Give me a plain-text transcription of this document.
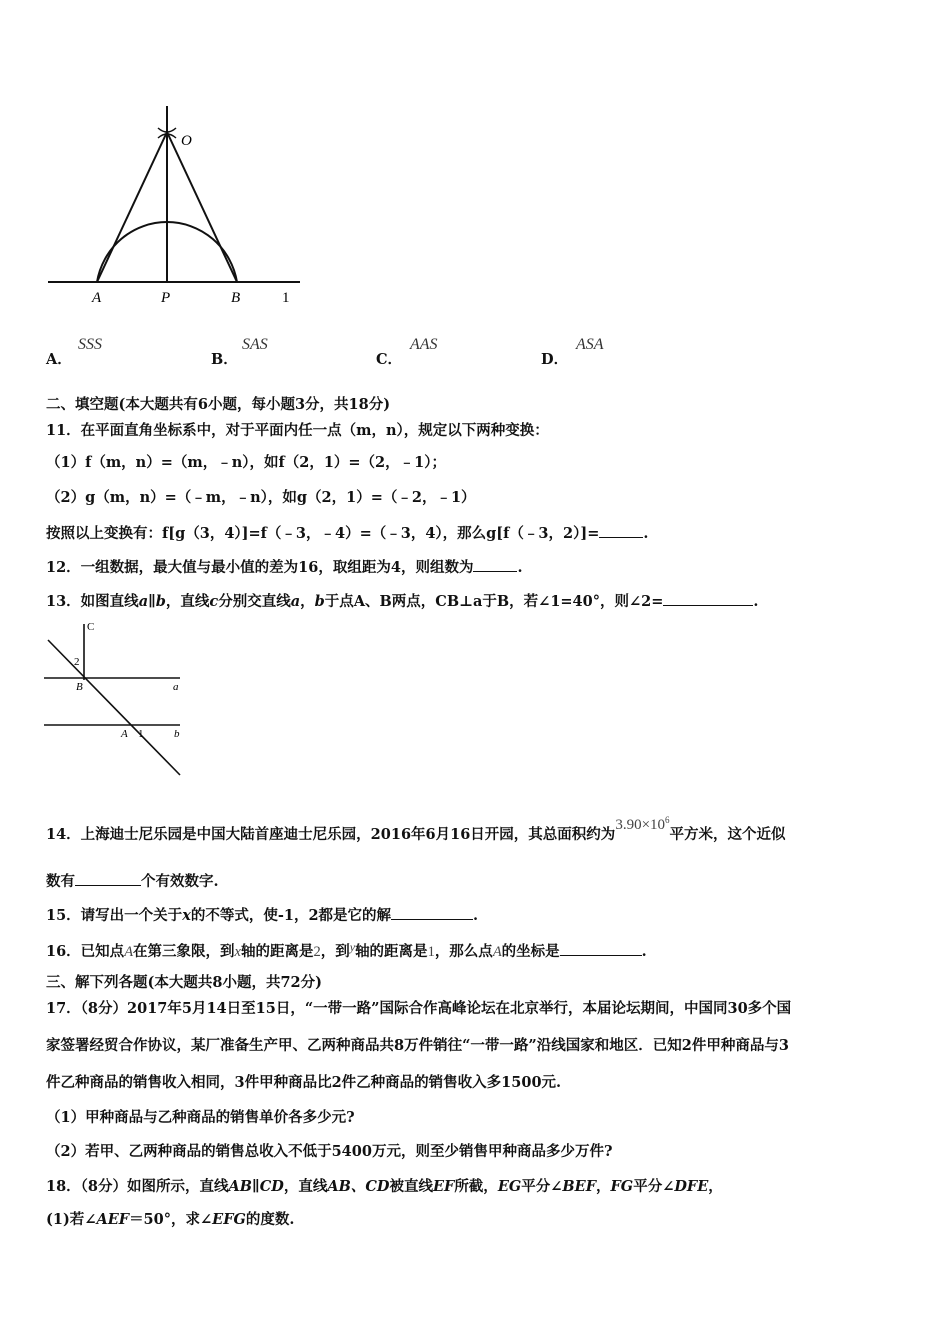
O
A	P	B	1
A．
SSS
B．
SAS
C．
AAS
D．
ASA
二、填空题(本大题共有6小题，每小题3分，共18分)
11．在平面直角坐标系中，对于平面内任一点（m，n），规定以下两种变换：
（1）f（m，n）=（m，﹣n），如f（2，1）=（2，﹣1）；
（2）g（m，n）=（﹣m，﹣n），如g（2，1）=（﹣2，﹣1）
按照以上变换有：f[g（3，4）]=f（﹣3，﹣4）=（﹣3，4），那么g[f（﹣3，2）]=	.
12．一组数据，最大值与最小值的差为16，取组距为4，则组数为	.
13．如图直线a∥b，直线c分别交直线a，b于点A、B两点，CB⊥a于B，若∠1=40°，则∠2=	.
C
2
B	a
A 1	b
14．上海迪士尼乐园是中国大陆首座迪士尼乐园，2016年6月16日开园，其总面积约为$3.90\times 10^6$平方米，这个近似
数有	个有效数字.
15．请写出一个关于x的不等式，使-1，2都是它的解	.
16．已知点A在第三象限，到x轴的距离是2，到$^y$轴的距离是1，那么点A的坐标是	.
三、解下列各题(本大题共8小题，共72分)
17．（8分）2017年5月14日至15日，“一带一路”国际合作高峰论坛在北京举行，本届论坛期间，中国同30多个国
家签署经贸合作协议，某厂准备生产甲、乙两种商品共8万件销往“一带一路”沿线国家和地区．已知2件甲种商品与3
件乙种商品的销售收入相同，3件甲种商品比2件乙种商品的销售收入多1500元.
（1）甲种商品与乙种商品的销售单价各多少元?
（2）若甲、乙两种商品的销售总收入不低于5400万元，则至少销售甲种商品多少万件?
18．（8分）如图所示，直线AB∥CD，直线AB、CD被直线EF所截，EG平分∠BEF，FG平分∠DFE，
(1)若∠AEF＝50°，求∠EFG的度数.
